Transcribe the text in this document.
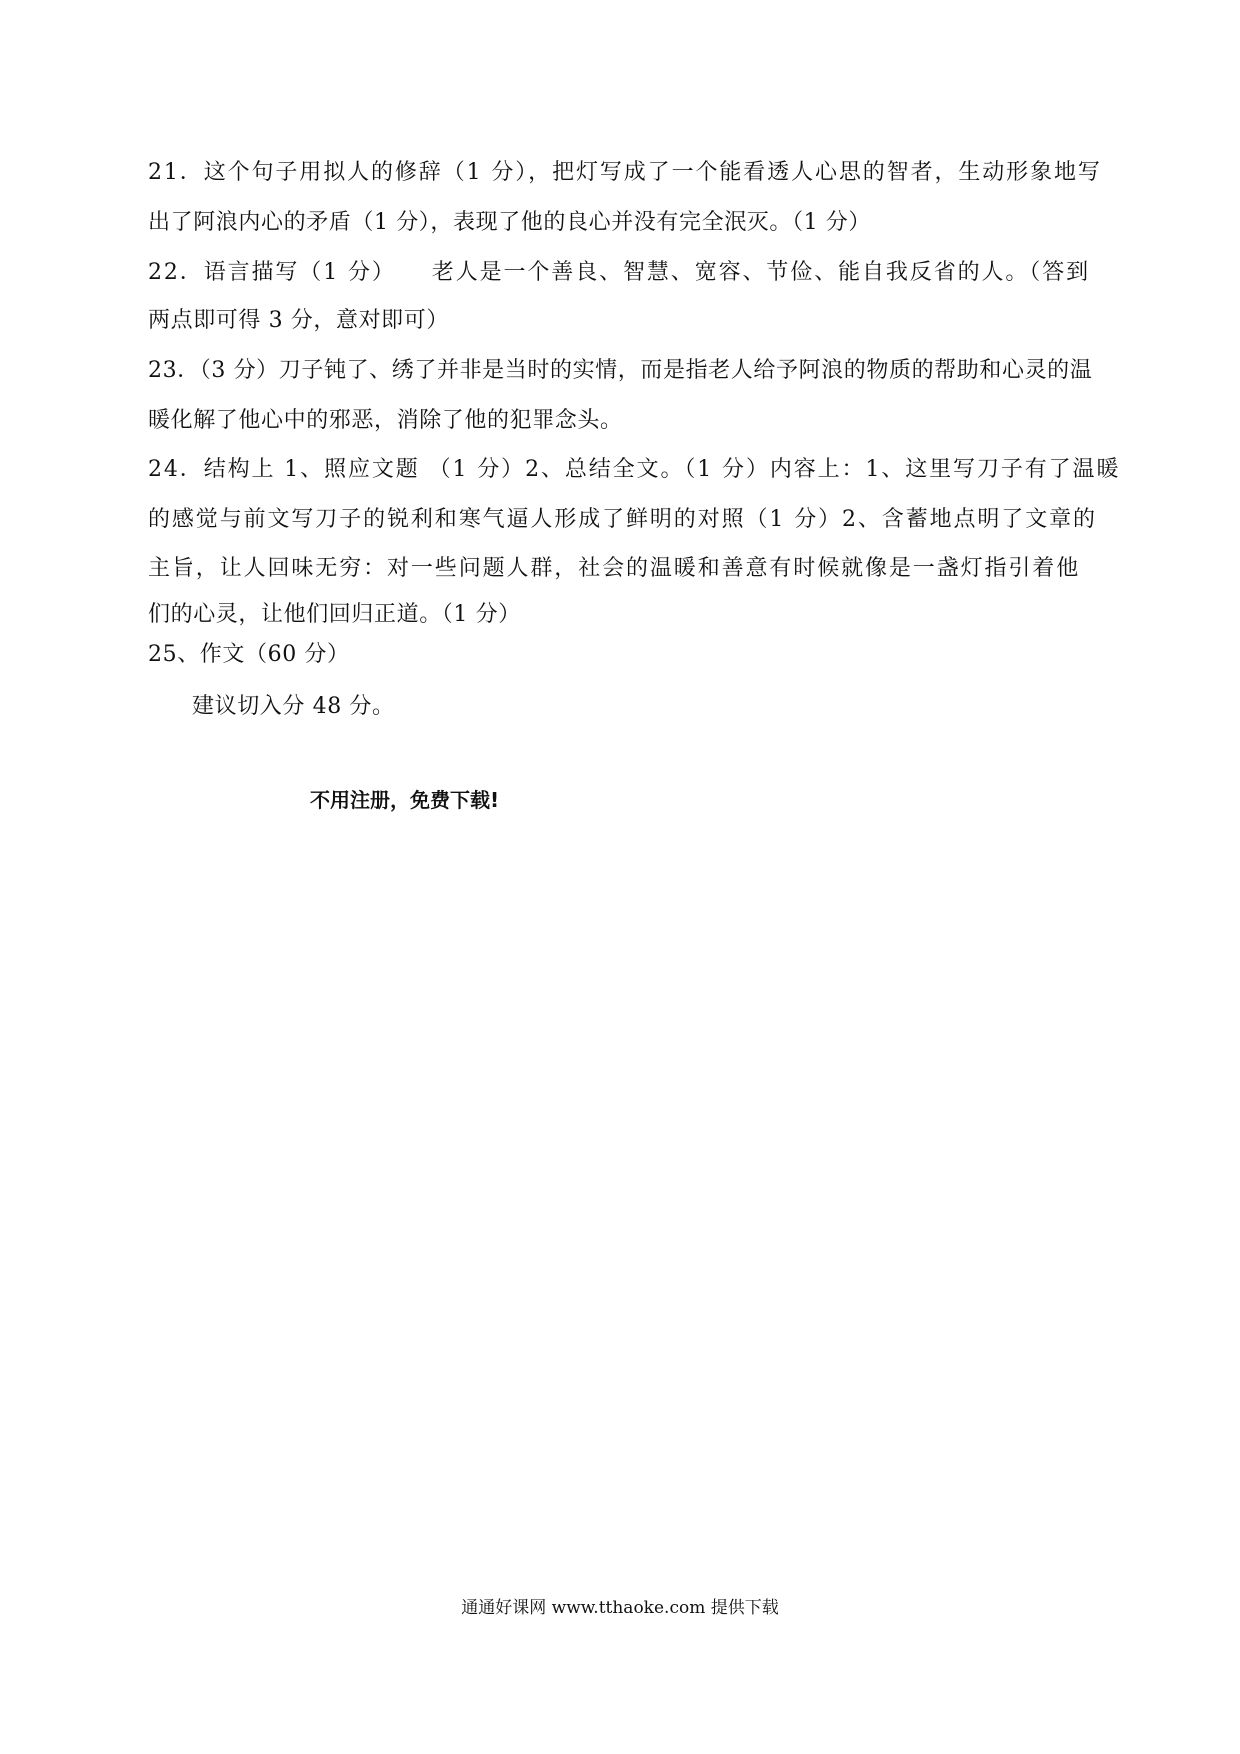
21．这个句子用拟人的修辞（1 分），把灯写成了一个能看透人心思的智者，生动形象地写
出了阿浪内心的矛盾（1 分），表现了他的良心并没有完全泯灭。（1 分）
22．语言描写（1 分） 老人是一个善良、智慧、宽容、节俭、能自我反省的人。（答到
两点即可得 3 分，意对即可）
23．（3 分）刀子钝了、绣了并非是当时的实情，而是指老人给予阿浪的物质的帮助和心灵的温
暖化解了他心中的邪恶，消除了他的犯罪念头。
24．结构上 1、照应文题 （1 分）2、总结全文。（1 分）内容上：1、这里写刀子有了温暖
的感觉与前文写刀子的锐利和寒气逼人形成了鲜明的对照（1 分）2、含蓄地点明了文章的
主旨，让人回味无穷：对一些问题人群，社会的温暖和善意有时候就像是一盏灯指引着他
们的心灵，让他们回归正道。（1 分）
25、作文（60 分）
建议切入分 48 分。
不用注册，免费下载!
通通好课网 www.tthaoke.com 提供下载
